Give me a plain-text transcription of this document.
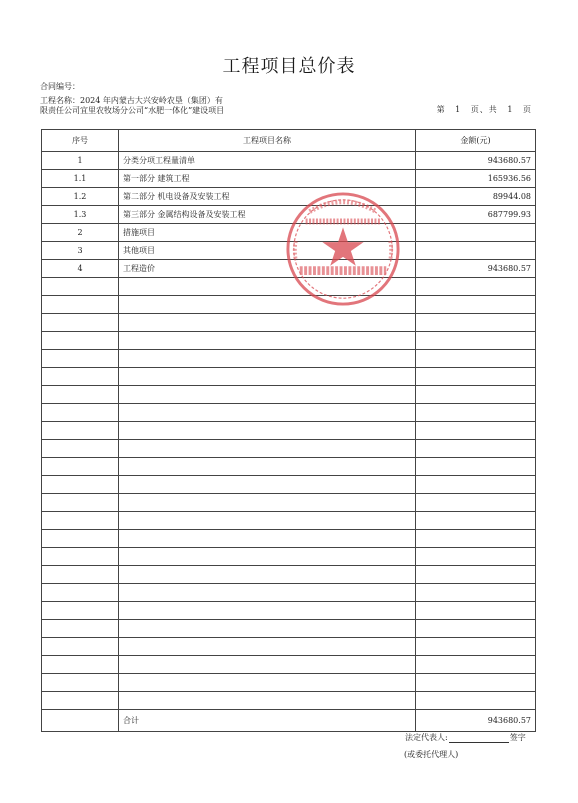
工程项目总价表
合同编号：
工程名称：2024 年内蒙古大兴安岭农垦（集团）有限责任公司宜里农牧场分公司“水肥一体化”建设项目	第 1 页、共 1 页
序号	工程项目名称	金额(元)
1	分类分项工程量清单	943680.57
1.1	第一部分 建筑工程	165936.56
1.2	第二部分 机电设备及安装工程	89944.08
1.3	第三部分 金属结构设备及安装工程	687799.93
2	措施项目	
3	其他项目	
4	工程造价	943680.57

	合计	943680.57
法定代表人:	签字
(或委托代理人)
